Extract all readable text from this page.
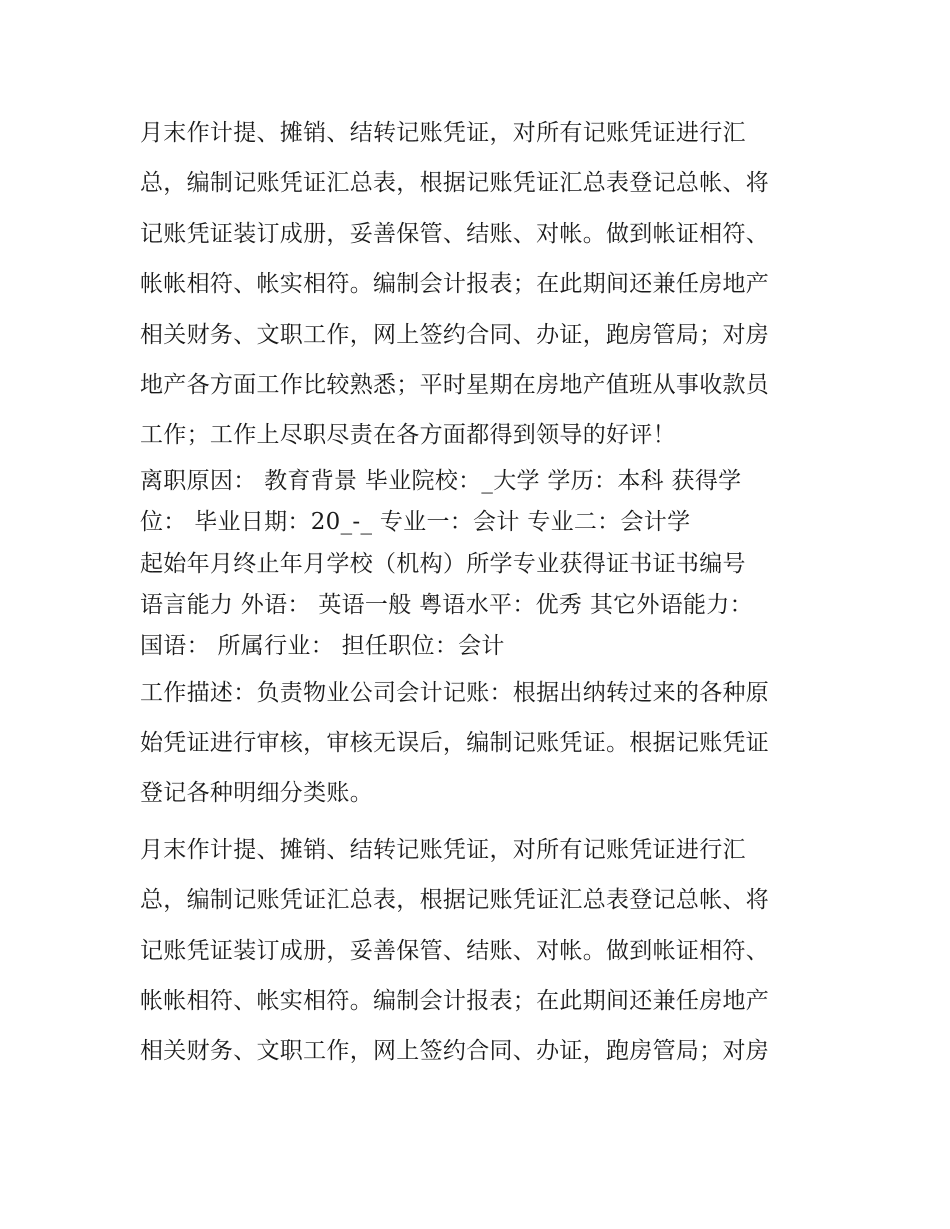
月末作计提、摊销、结转记账凭证，对所有记账凭证进行汇
总，编制记账凭证汇总表，根据记账凭证汇总表登记总帐、将
记账凭证装订成册，妥善保管、结账、对帐。做到帐证相符、
帐帐相符、帐实相符。编制会计报表；在此期间还兼任房地产
相关财务、文职工作，网上签约合同、办证，跑房管局；对房
地产各方面工作比较熟悉；平时星期在房地产值班从事收款员
工作；工作上尽职尽责在各方面都得到领导的好评！
离职原因： 教育背景 毕业院校：_大学 学历：本科 获得学
位： 毕业日期：20_-_ 专业一：会计 专业二：会计学
起始年月终止年月学校（机构）所学专业获得证书证书编号
语言能力 外语： 英语一般 粤语水平：优秀 其它外语能力：
国语： 所属行业： 担任职位：会计
工作描述：负责物业公司会计记账：根据出纳转过来的各种原
始凭证进行审核，审核无误后，编制记账凭证。根据记账凭证
登记各种明细分类账。
月末作计提、摊销、结转记账凭证，对所有记账凭证进行汇
总，编制记账凭证汇总表，根据记账凭证汇总表登记总帐、将
记账凭证装订成册，妥善保管、结账、对帐。做到帐证相符、
帐帐相符、帐实相符。编制会计报表；在此期间还兼任房地产
相关财务、文职工作，网上签约合同、办证，跑房管局；对房
